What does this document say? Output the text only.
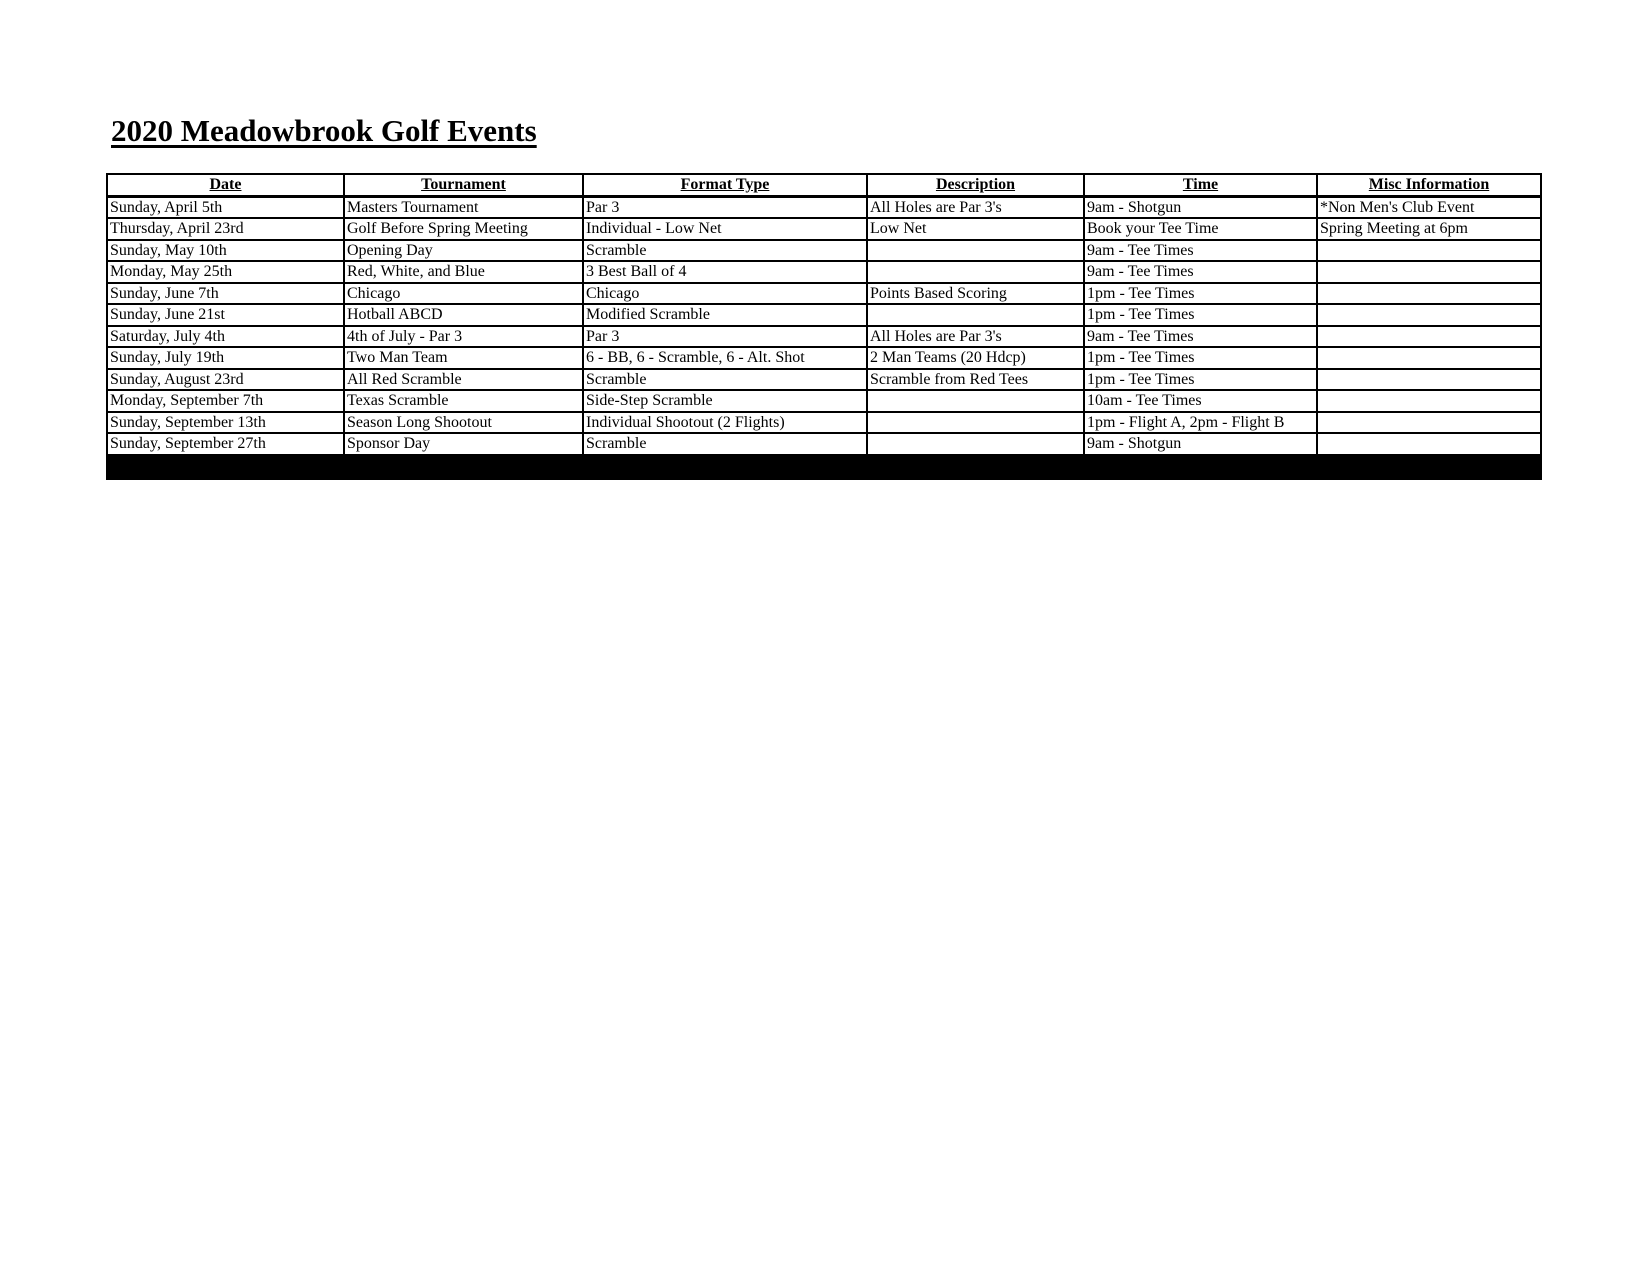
2020 Meadowbrook Golf Events
Date	Tournament	Format Type	Description	Time	Misc Information
Sunday, April 5th	Masters Tournament	Par 3	All Holes are Par 3's	9am - Shotgun	*Non Men's Club Event
Thursday, April 23rd	Golf Before Spring Meeting	Individual - Low Net	Low Net	Book your Tee Time	Spring Meeting at 6pm
Sunday, May 10th	Opening Day	Scramble		9am - Tee Times	
Monday, May 25th	Red, White, and Blue	3 Best Ball of 4		9am - Tee Times	
Sunday, June 7th	Chicago	Chicago	Points Based Scoring	1pm - Tee Times	
Sunday, June 21st	Hotball ABCD	Modified Scramble		1pm - Tee Times	
Saturday, July 4th	4th of July - Par 3	Par 3	All Holes are Par 3's	9am - Tee Times	
Sunday, July 19th	Two Man Team	6 - BB, 6 - Scramble, 6 - Alt. Shot	2 Man Teams (20 Hdcp)	1pm - Tee Times	
Sunday, August 23rd	All Red Scramble	Scramble	Scramble from Red Tees	1pm - Tee Times	
Monday, September 7th	Texas Scramble	Side-Step Scramble		10am - Tee Times	
Sunday, September 13th	Season Long Shootout	Individual Shootout (2 Flights)		1pm - Flight A, 2pm - Flight B	
Sunday, September 27th	Sponsor Day	Scramble		9am - Shotgun	
